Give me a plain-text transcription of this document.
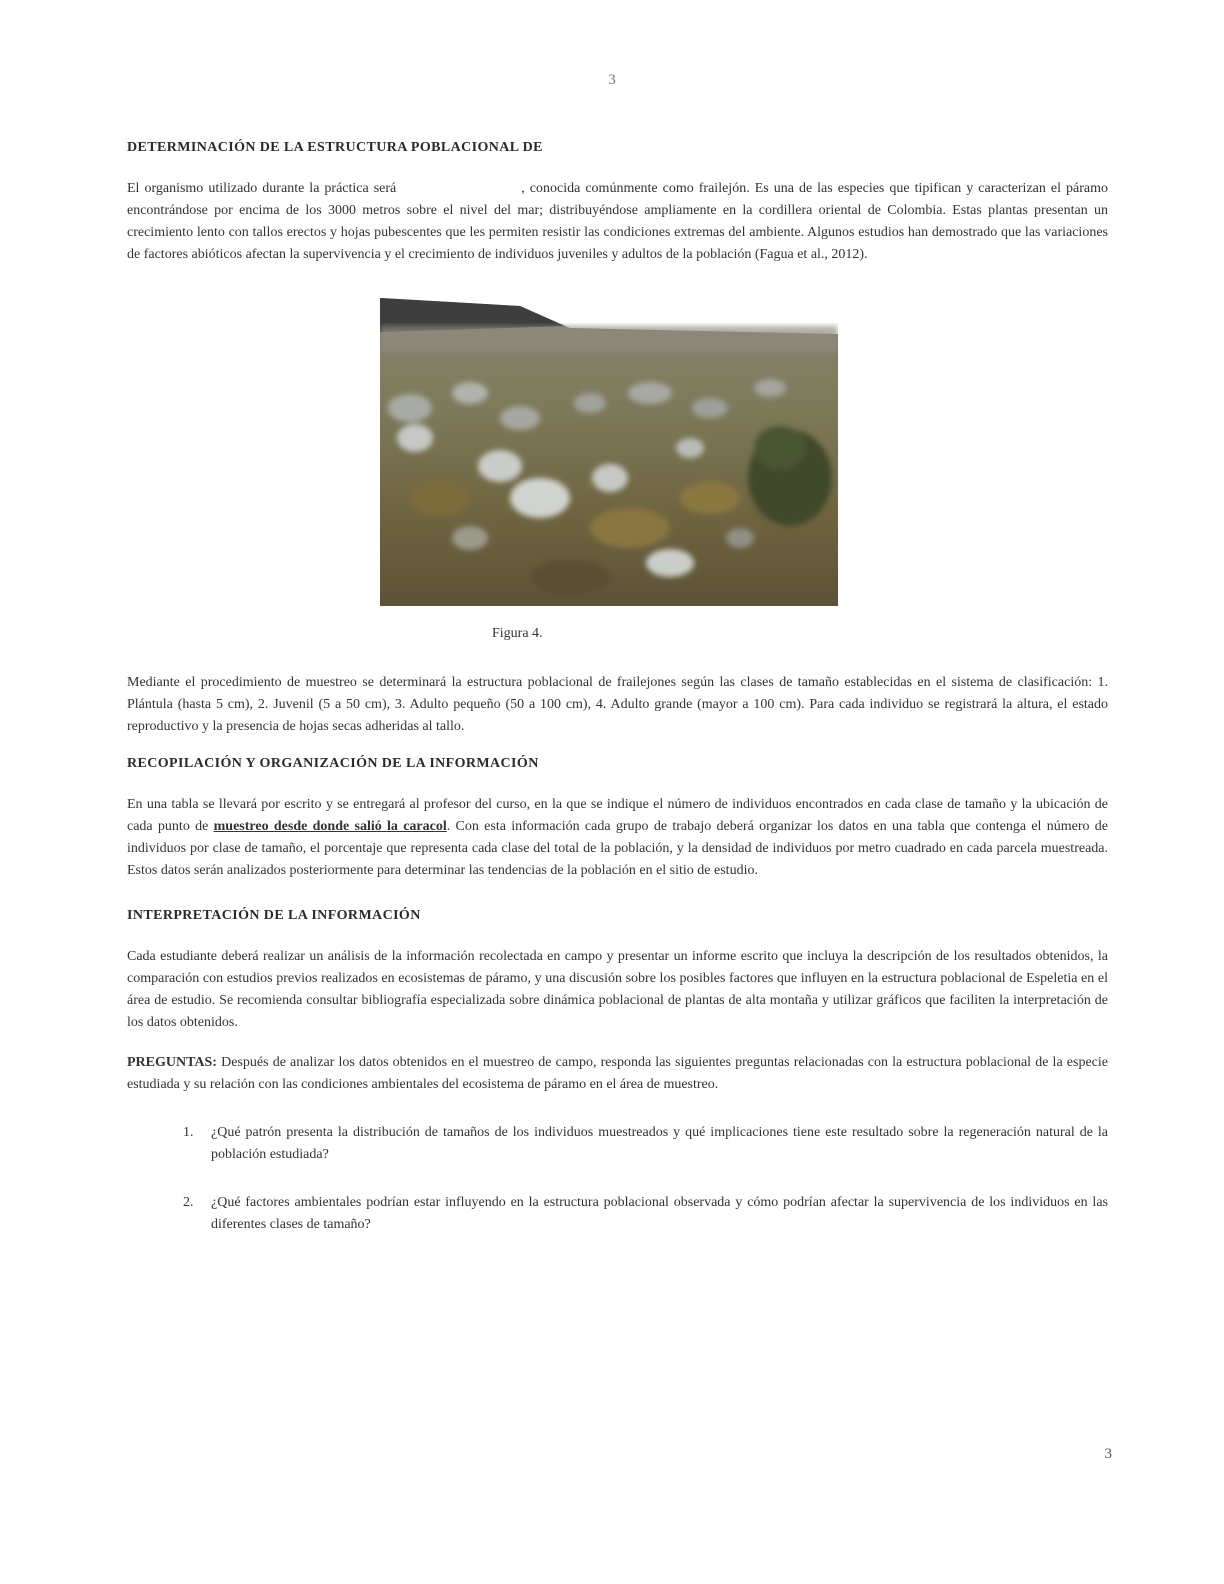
3
DETERMINACIÓN DE LA ESTRUCTURA POBLACIONAL DE

El organismo utilizado durante la práctica será	, conocida comúnmente como frailejón. Es una de las especies que tipifican y caracterizan el páramo encontrándose por encima de los 3000 metros sobre el nivel del mar; distribuyéndose ampliamente en la cordillera oriental de Colombia. Estas plantas presentan un crecimiento lento con tallos erectos y hojas pubescentes que les permiten resistir las condiciones extremas del ambiente. Algunos estudios han demostrado que las variaciones de factores abióticos afectan la supervivencia y el crecimiento de individuos juveniles y adultos de la población (Fagua et al., 2012).

Figura 4.

Mediante el procedimiento de muestreo se determinará la estructura poblacional de frailejones según las clases de tamaño establecidas en el sistema de clasificación: 1. Plántula (hasta 5 cm), 2. Juvenil (5 a 50 cm), 3. Adulto pequeño (50 a 100 cm), 4. Adulto grande (mayor a 100 cm). Para cada individuo se registrará la altura, el estado reproductivo y la presencia de hojas secas adheridas al tallo.

RECOPILACIÓN Y ORGANIZACIÓN DE LA INFORMACIÓN

En una tabla se llevará por escrito y se entregará al profesor del curso, en la que se indique el número de individuos encontrados en cada clase de tamaño y la ubicación de cada punto de muestreo desde donde salió la caracol. Con esta información cada grupo de trabajo deberá organizar los datos en una tabla que contenga el número de individuos por clase de tamaño, el porcentaje que representa cada clase del total de la población, y la densidad de individuos por metro cuadrado en cada parcela muestreada. Estos datos serán analizados posteriormente para determinar las tendencias de la población en el sitio de estudio.

INTERPRETACIÓN DE LA INFORMACIÓN

Cada estudiante deberá realizar un análisis de la información recolectada en campo y presentar un informe escrito que incluya la descripción de los resultados obtenidos, la comparación con estudios previos realizados en ecosistemas de páramo, y una discusión sobre los posibles factores que influyen en la estructura poblacional de Espeletia en el área de estudio. Se recomienda consultar bibliografía especializada sobre dinámica poblacional de plantas de alta montaña y utilizar gráficos que faciliten la interpretación de los datos obtenidos.

PREGUNTAS: Después de analizar los datos obtenidos en el muestreo de campo, responda las siguientes preguntas relacionadas con la estructura poblacional de la especie estudiada y su relación con las condiciones ambientales del ecosistema de páramo en el área de muestreo.

1. ¿Qué patrón presenta la distribución de tamaños de los individuos muestreados y qué implicaciones tiene este resultado sobre la regeneración natural de la población estudiada?
2. ¿Qué factores ambientales podrían estar influyendo en la estructura poblacional observada y cómo podrían afectar la supervivencia de los individuos en las diferentes clases de tamaño?
3
